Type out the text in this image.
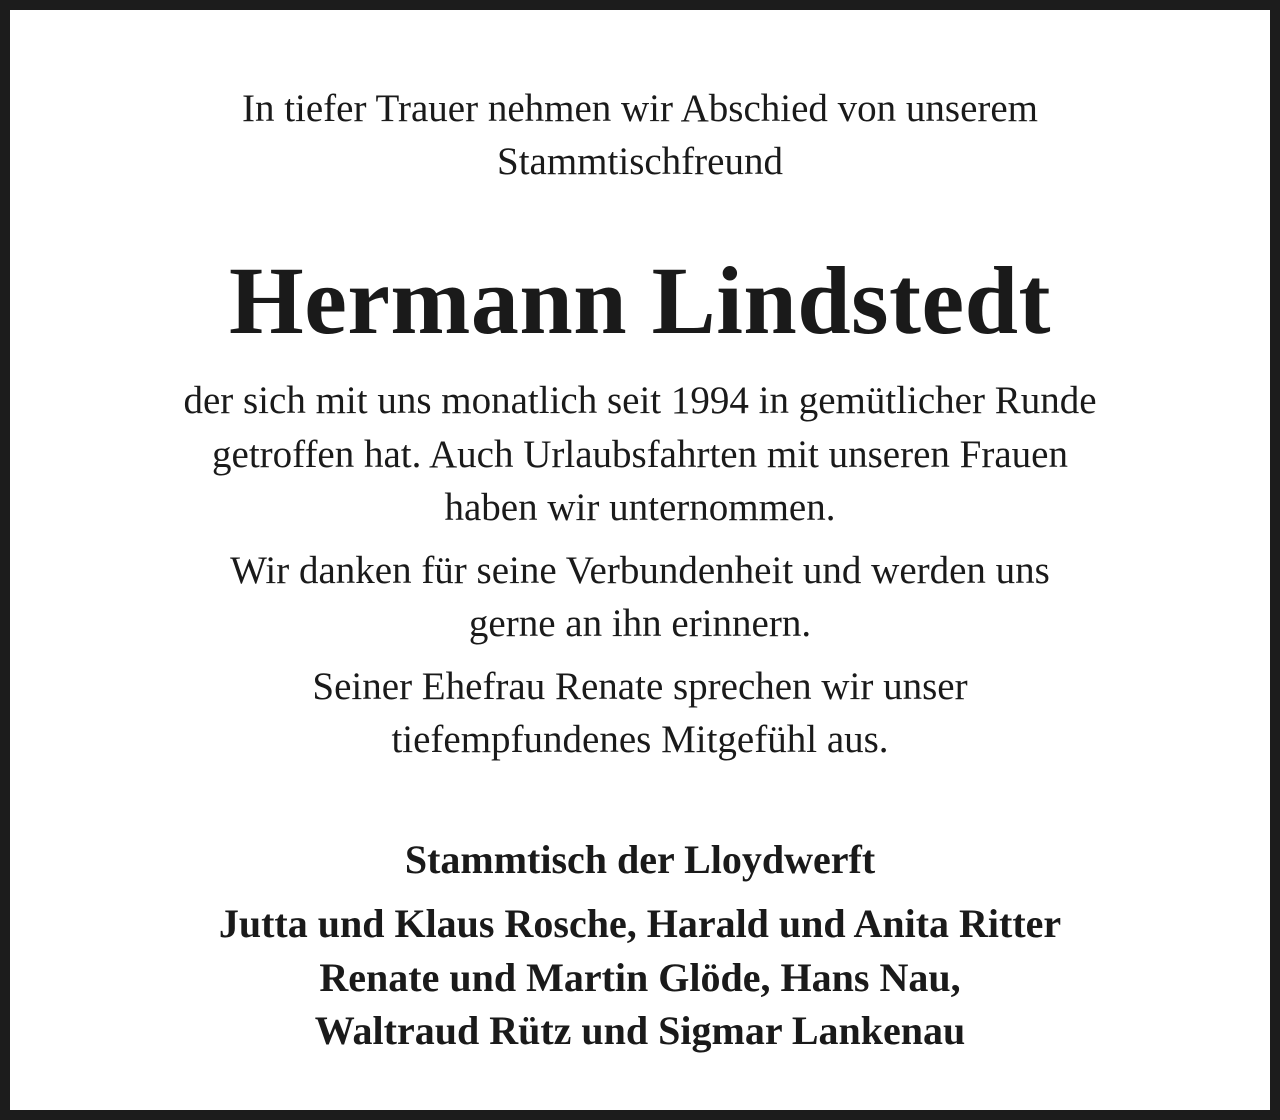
In tiefer Trauer nehmen wir Abschied von unserem
Stammtischfreund
Hermann Lindstedt

der sich mit uns monatlich seit 1994 in gemütlicher Runde
getroffen hat. Auch Urlaubsfahrten mit unseren Frauen
haben wir unternommen.

Wir danken für seine Verbundenheit und werden uns
gerne an ihn erinnern.

Seiner Ehefrau Renate sprechen wir unser
tiefempfundenes Mitgefühl aus.

Stammtisch der Lloydwerft
Jutta und Klaus Rosche, Harald und Anita Ritter
Renate und Martin Glöde, Hans Nau,
Waltraud Rütz und Sigmar Lankenau
